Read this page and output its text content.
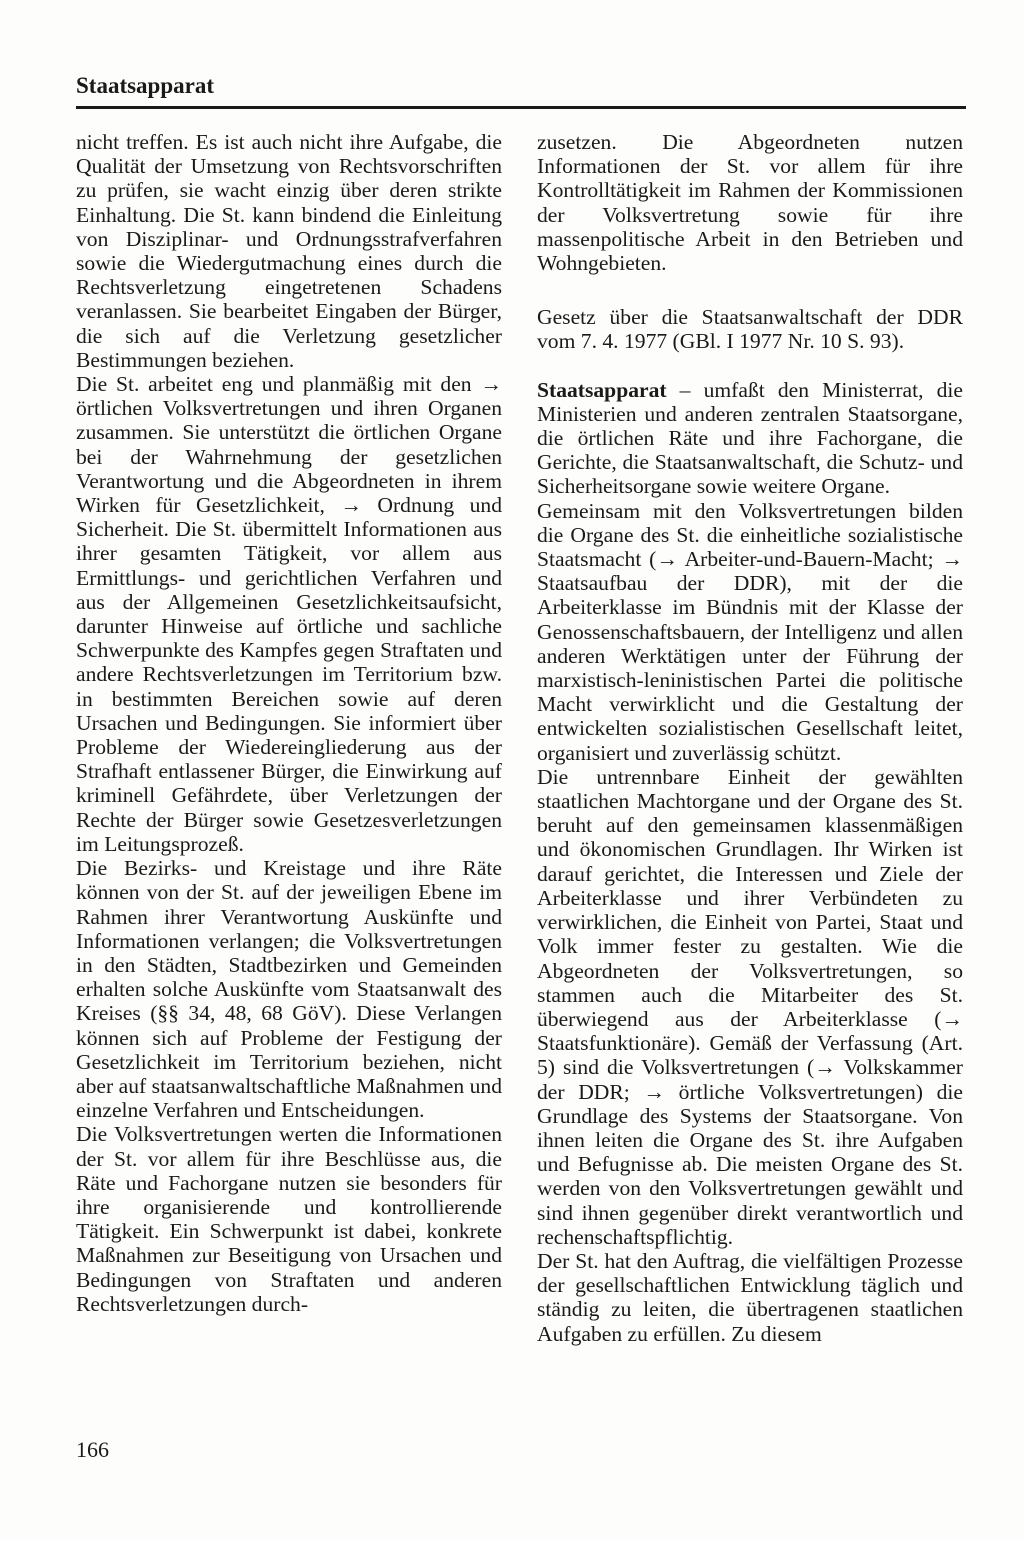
Staatsapparat

nicht treffen. Es ist auch nicht ihre Aufgabe, die Qualität der Umsetzung von Rechtsvorschriften zu prüfen, sie wacht einzig über deren strikte Einhaltung. Die St. kann bindend die Einleitung von Disziplinar- und Ordnungsstrafverfahren sowie die Wiedergutmachung eines durch die Rechtsverletzung eingetretenen Schadens veranlassen. Sie bearbeitet Eingaben der Bürger, die sich auf die Verletzung gesetzlicher Bestimmungen beziehen.

Die St. arbeitet eng und planmäßig mit den → örtlichen Volksvertretungen und ihren Organen zusammen. Sie unterstützt die örtlichen Organe bei der Wahrnehmung der gesetzlichen Verantwortung und die Abgeordneten in ihrem Wirken für Gesetzlichkeit, → Ordnung und Sicherheit. Die St. übermittelt Informationen aus ihrer gesamten Tätigkeit, vor allem aus Ermittlungs- und gerichtlichen Verfahren und aus der Allgemeinen Gesetzlichkeitsaufsicht, darunter Hinweise auf örtliche und sachliche Schwerpunkte des Kampfes gegen Straftaten und andere Rechtsverletzungen im Territorium bzw. in bestimmten Bereichen sowie auf deren Ursachen und Bedingungen. Sie informiert über Probleme der Wiedereingliederung aus der Strafhaft entlassener Bürger, die Einwirkung auf kriminell Gefährdete, über Verletzungen der Rechte der Bürger sowie Gesetzesverletzungen im Leitungsprozeß.

Die Bezirks- und Kreistage und ihre Räte können von der St. auf der jeweiligen Ebene im Rahmen ihrer Verantwortung Auskünfte und Informationen verlangen; die Volksvertretungen in den Städten, Stadtbezirken und Gemeinden erhalten solche Auskünfte vom Staatsanwalt des Kreises (§§ 34, 48, 68 GöV). Diese Verlangen können sich auf Probleme der Festigung der Gesetzlichkeit im Territorium beziehen, nicht aber auf staatsanwaltschaftliche Maßnahmen und einzelne Verfahren und Entscheidungen.

Die Volksvertretungen werten die Informationen der St. vor allem für ihre Beschlüsse aus, die Räte und Fachorgane nutzen sie besonders für ihre organisierende und kontrollierende Tätigkeit. Ein Schwerpunkt ist dabei, konkrete Maßnahmen zur Beseitigung von Ursachen und Bedingungen von Straftaten und anderen Rechtsverletzungen durch-

zusetzen. Die Abgeordneten nutzen Informationen der St. vor allem für ihre Kontrolltätigkeit im Rahmen der Kommissionen der Volksvertretung sowie für ihre massenpolitische Arbeit in den Betrieben und Wohngebieten.

Gesetz über die Staatsanwaltschaft der DDR vom 7. 4. 1977 (GBl. I 1977 Nr. 10 S. 93).

Staatsapparat – umfaßt den Ministerrat, die Ministerien und anderen zentralen Staatsorgane, die örtlichen Räte und ihre Fachorgane, die Gerichte, die Staatsanwaltschaft, die Schutz- und Sicherheitsorgane sowie weitere Organe.

Gemeinsam mit den Volksvertretungen bilden die Organe des St. die einheitliche sozialistische Staatsmacht (→ Arbeiter-und-Bauern-Macht; → Staatsaufbau der DDR), mit der die Arbeiterklasse im Bündnis mit der Klasse der Genossenschaftsbauern, der Intelligenz und allen anderen Werktätigen unter der Führung der marxistisch-leninistischen Partei die politische Macht verwirklicht und die Gestaltung der entwickelten sozialistischen Gesellschaft leitet, organisiert und zuverlässig schützt.

Die untrennbare Einheit der gewählten staatlichen Machtorgane und der Organe des St. beruht auf den gemeinsamen klassenmäßigen und ökonomischen Grundlagen. Ihr Wirken ist darauf gerichtet, die Interessen und Ziele der Arbeiterklasse und ihrer Verbündeten zu verwirklichen, die Einheit von Partei, Staat und Volk immer fester zu gestalten. Wie die Abgeordneten der Volksvertretungen, so stammen auch die Mitarbeiter des St. überwiegend aus der Arbeiterklasse (→ Staatsfunktionäre). Gemäß der Verfassung (Art. 5) sind die Volksvertretungen (→ Volkskammer der DDR; → örtliche Volksvertretungen) die Grundlage des Systems der Staatsorgane. Von ihnen leiten die Organe des St. ihre Aufgaben und Befugnisse ab. Die meisten Organe des St. werden von den Volksvertretungen gewählt und sind ihnen gegenüber direkt verantwortlich und rechenschaftspflichtig.

Der St. hat den Auftrag, die vielfältigen Prozesse der gesellschaftlichen Entwicklung täglich und ständig zu leiten, die übertragenen staatlichen Aufgaben zu erfüllen. Zu diesem

166
